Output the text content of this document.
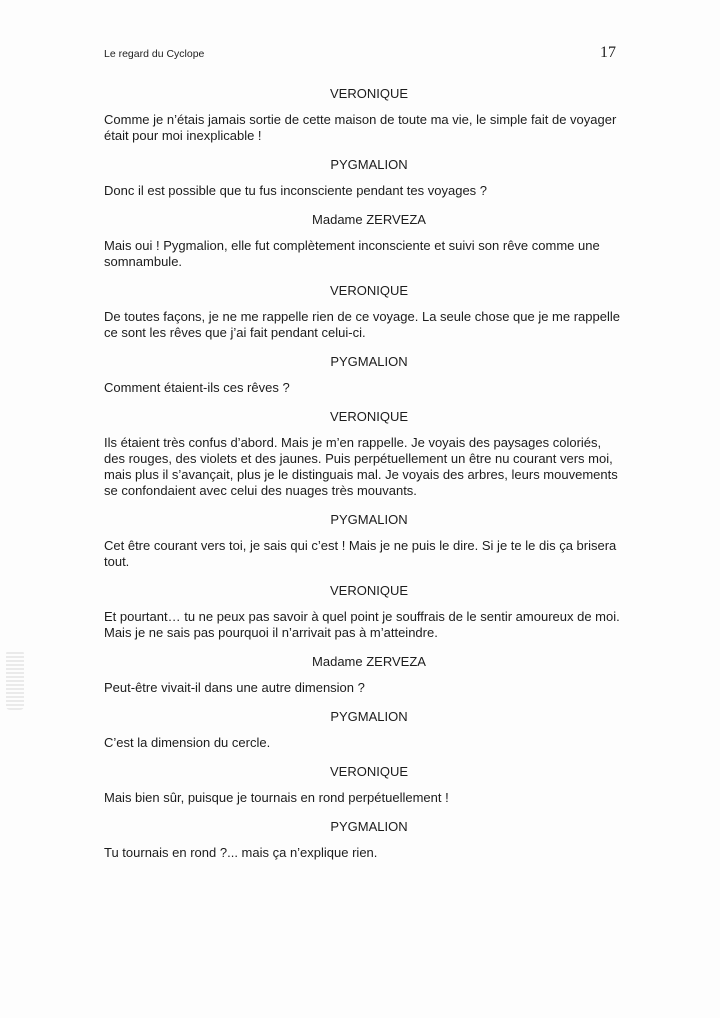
Le regard du Cyclope	17
VERONIQUE
Comme je n’étais jamais sortie de cette maison de toute ma vie, le simple fait de voyager était pour moi inexplicable !
PYGMALION
Donc il est possible que tu fus inconsciente pendant tes voyages ?
Madame ZERVEZA
Mais oui ! Pygmalion, elle fut complètement inconsciente et suivi son rêve comme une somnambule.
VERONIQUE
De toutes façons, je ne me rappelle rien de ce voyage. La seule chose que je me rappelle ce sont les rêves que j’ai fait pendant celui-ci.
PYGMALION
Comment étaient-ils ces rêves ?
VERONIQUE
Ils étaient très confus d’abord. Mais je m’en rappelle. Je voyais des paysages coloriés, des rouges, des violets et des jaunes. Puis perpétuellement un être nu courant vers moi, mais plus il s’avançait, plus je le distinguais mal. Je voyais des arbres, leurs mouvements se confondaient avec celui des nuages très mouvants.
PYGMALION
Cet être courant vers toi, je sais qui c’est ! Mais je ne puis le dire. Si je te le dis ça brisera tout.
VERONIQUE
Et pourtant… tu ne peux pas savoir à quel point je souffrais de le sentir amoureux de moi. Mais je ne sais pas pourquoi il n’arrivait pas à m’atteindre.
Madame ZERVEZA
Peut-être vivait-il dans une autre dimension ?
PYGMALION
C’est la dimension du cercle.
VERONIQUE
Mais bien sûr, puisque je tournais en rond perpétuellement !
PYGMALION
Tu tournais en rond ?... mais ça n’explique rien.
